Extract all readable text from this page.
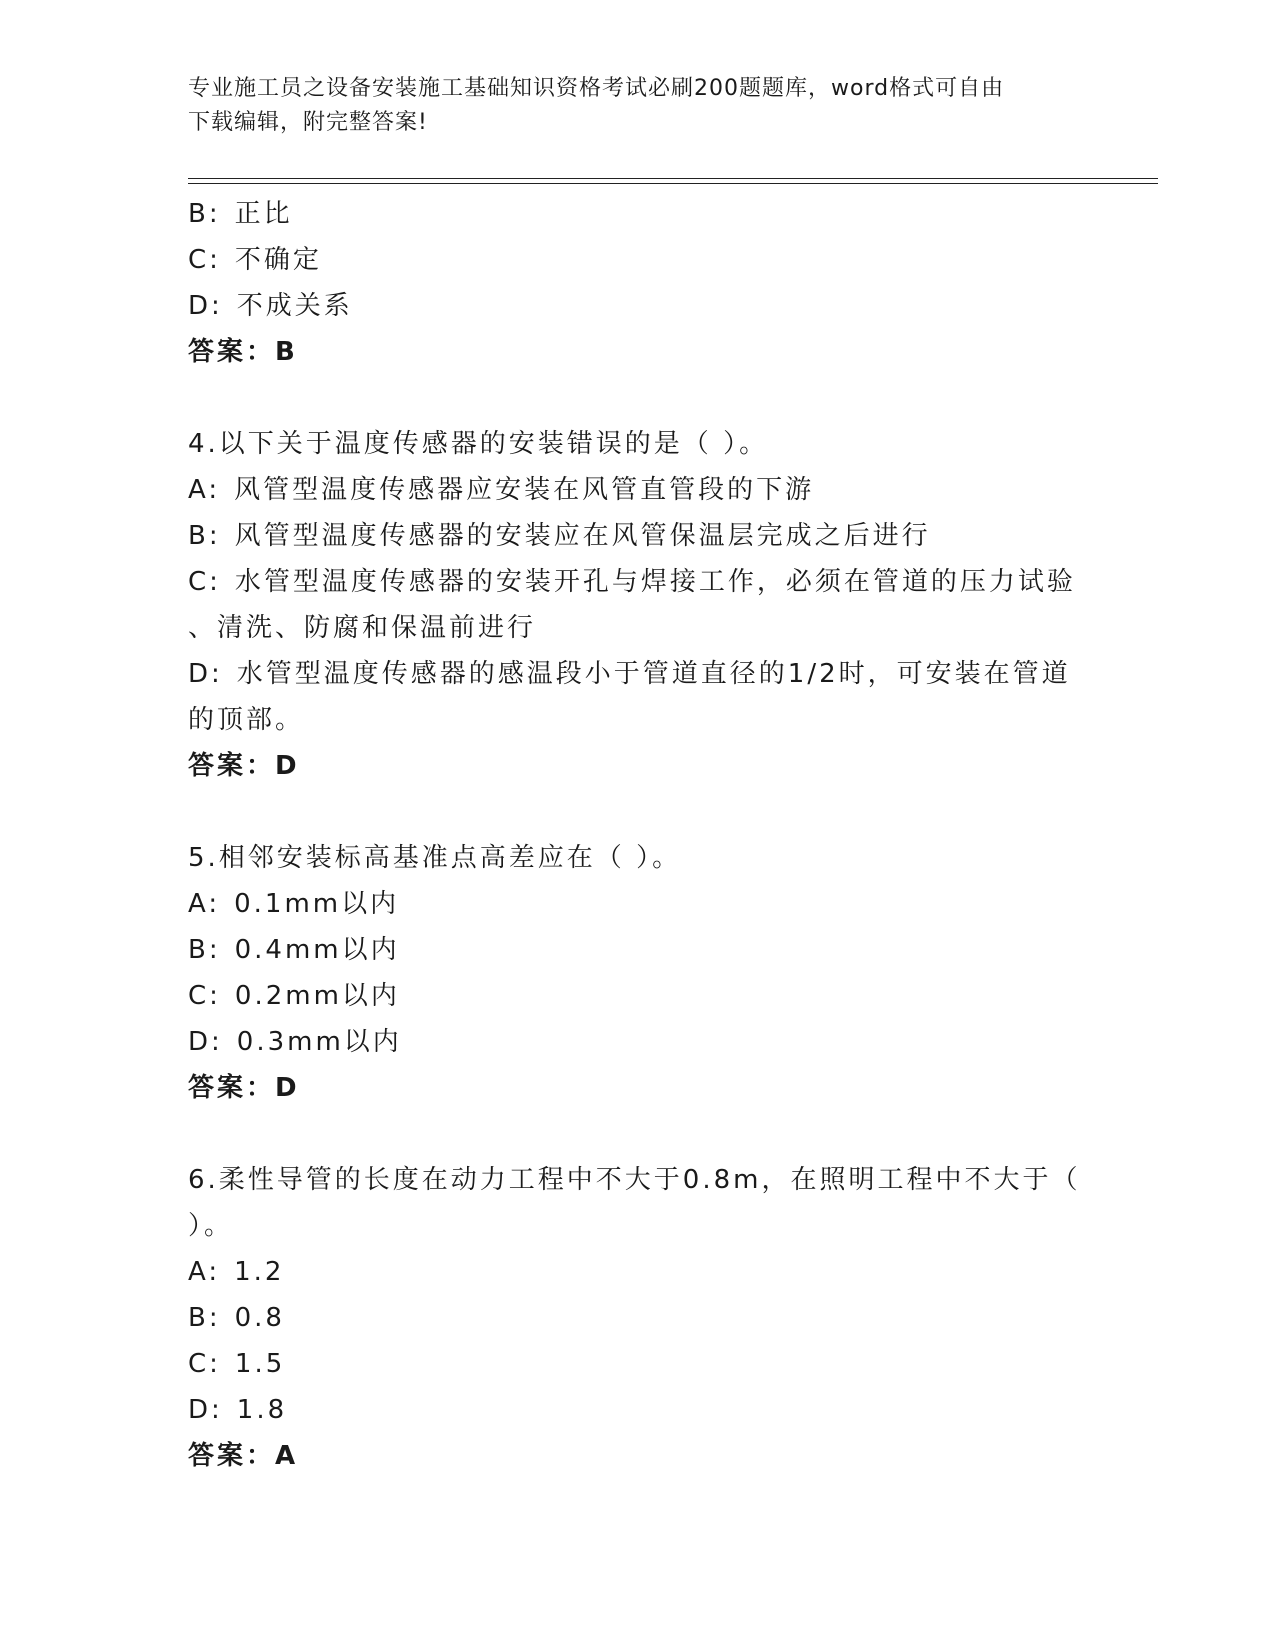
专业施工员之设备安装施工基础知识资格考试必刷200题题库，word格式可自由
下载编辑，附完整答案!
B: 正比
C: 不确定
D: 不成关系
答案：B
4.以下关于温度传感器的安装错误的是（ ）。
A: 风管型温度传感器应安装在风管直管段的下游
B: 风管型温度传感器的安装应在风管保温层完成之后进行
C: 水管型温度传感器的安装开孔与焊接工作，必须在管道的压力试验
、清洗、防腐和保温前进行
D: 水管型温度传感器的感温段小于管道直径的1/2时，可安装在管道
的顶部。
答案：D
5.相邻安装标高基准点高差应在（ ）。
A: 0.1mm以内
B: 0.4mm以内
C: 0.2mm以内
D: 0.3mm以内
答案：D
6.柔性导管的长度在动力工程中不大于0.8m，在照明工程中不大于（
）。
A: 1.2
B: 0.8
C: 1.5
D: 1.8
答案：A
